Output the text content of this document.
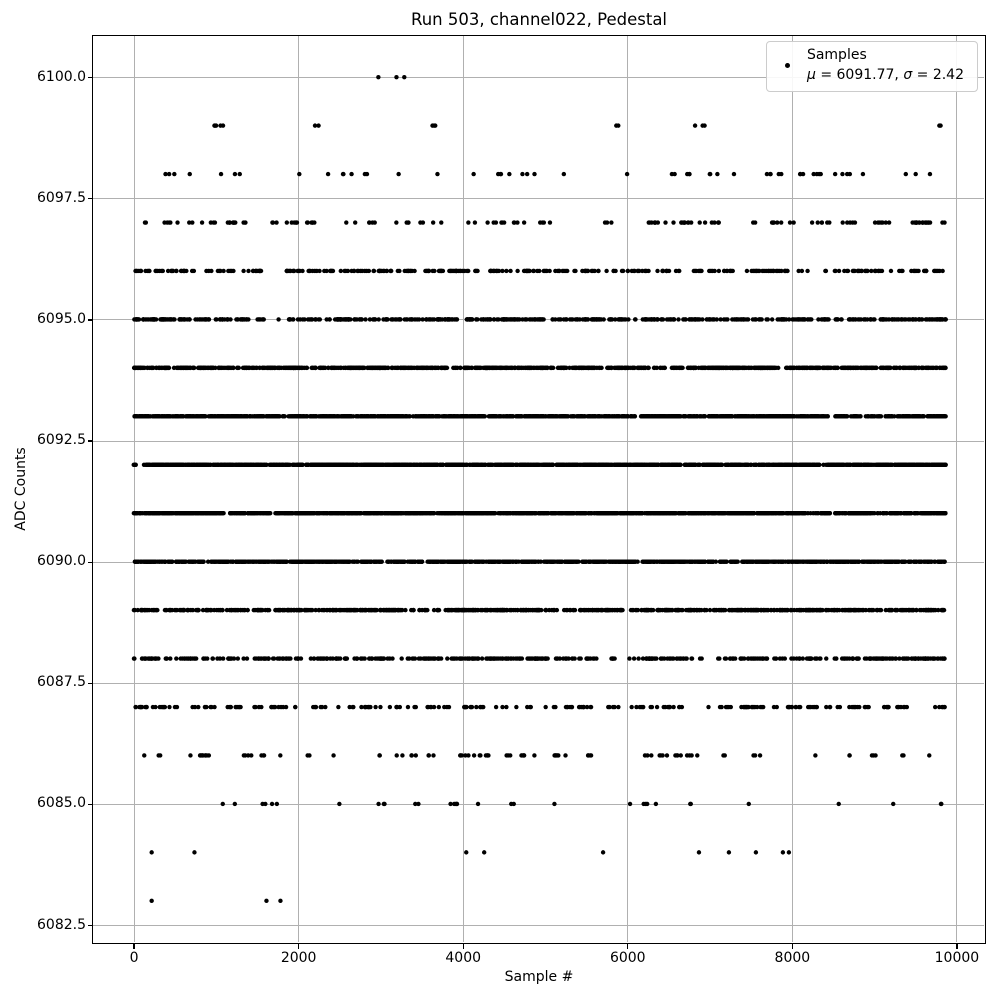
Run 503, channel022, Pedestal
Samples
μ = 6091.77, σ = 2.42
0	2000	4000	6000	8000	10000
6082.5
6085.0
6087.5
6090.0
6092.5
6095.0
6097.5
6100.0
Sample #
ADC Counts
